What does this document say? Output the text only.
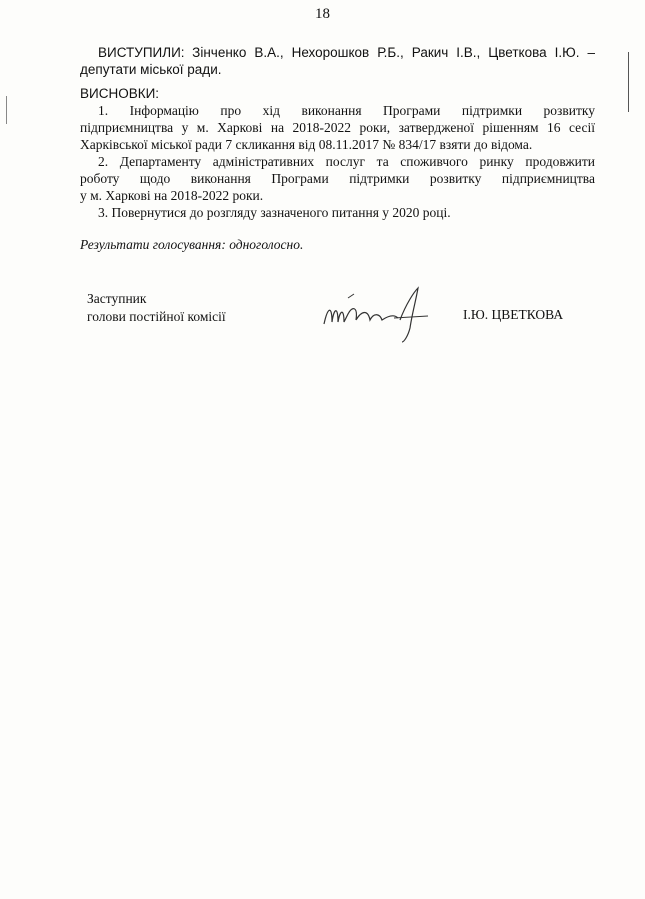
18
ВИСТУПИЛИ: Зінченко В.А., Нехорошков Р.Б., Ракич І.В., Цветкова І.Ю. –
депутати міської ради.
ВИСНОВКИ:
1. Інформацію про хід виконання Програми підтримки розвитку
підприємництва у м. Харкові на 2018-2022 роки, затвердженої рішенням 16 сесії
Харківської міської ради 7 скликання від 08.11.2017 № 834/17 взяти до відома.
2. Департаменту адміністративних послуг та споживчого ринку продовжити
роботу щодо виконання Програми підтримки розвитку підприємництва
у м. Харкові на 2018-2022 роки.
3. Повернутися до розгляду зазначеного питання у 2020 році.
Результати голосування: одноголосно.
Заступник
голови постійної комісії	І.Ю. ЦВЕТКОВА
